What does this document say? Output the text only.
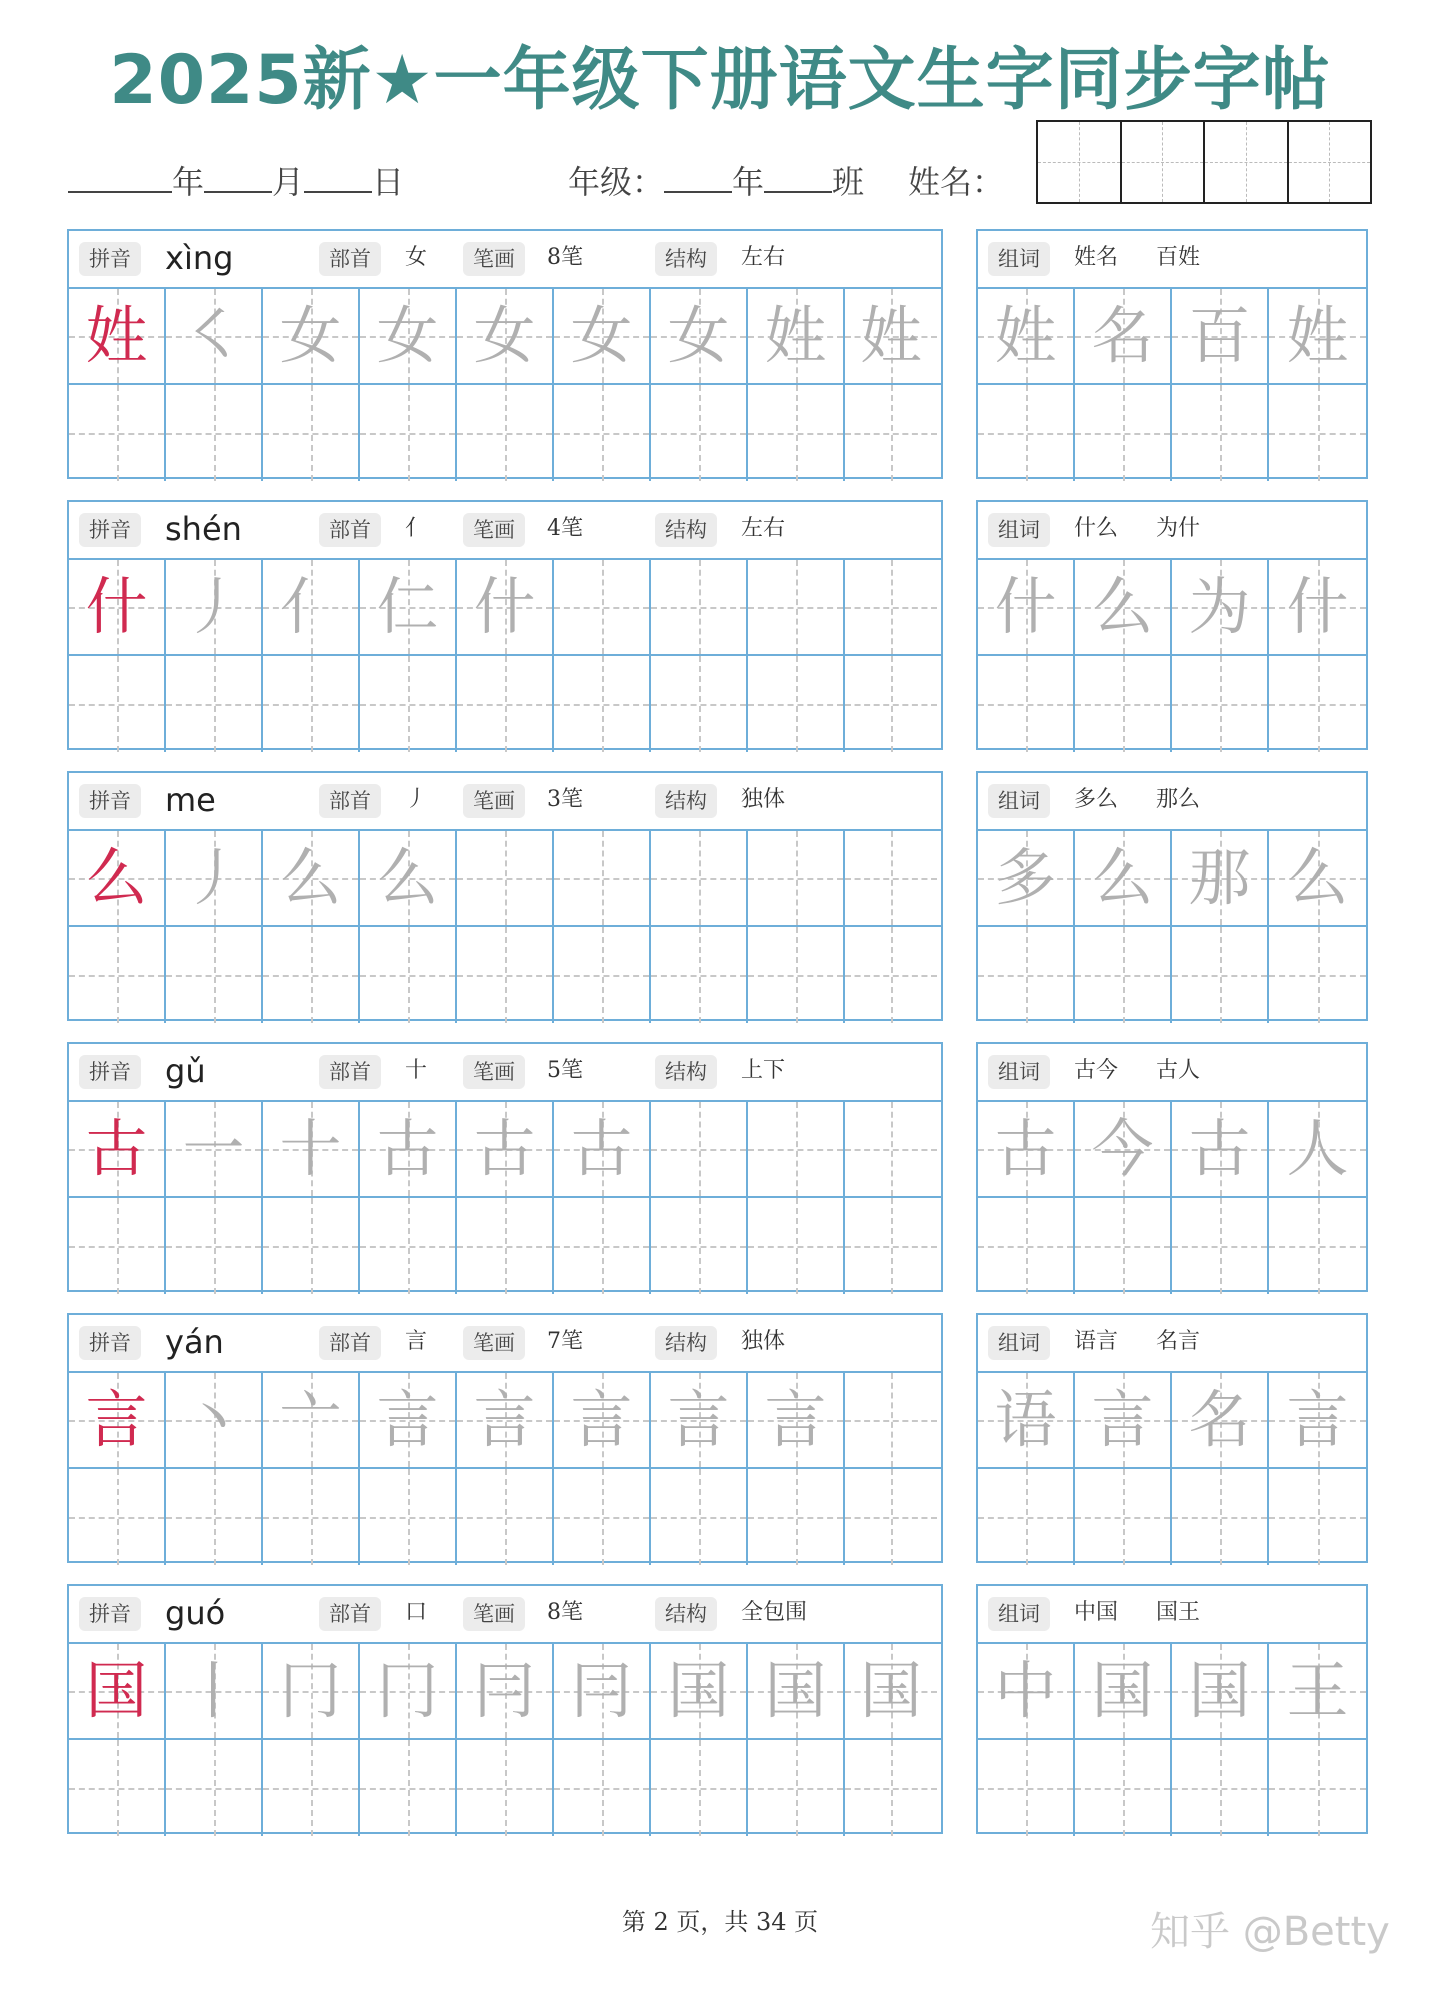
2025新★一年级下册语文生字同步字帖
年 月 日	年级： 年 班 姓名：
拼音	xìng	部首	女	笔画	8笔	结构	左右
姓 ㇛ 女 女 女 女 女 姓 姓
组词	姓名 百姓
姓 名 百 姓
拼音	shén	部首	亻	笔画	4笔	结构	左右
什 丿 亻 仁 什
组词	什么 为什
什 么 为 什
拼音	me	部首	丿	笔画	3笔	结构	独体
么 丿 么 么
组词	多么 那么
多 么 那 么
拼音	gǔ	部首	十	笔画	5笔	结构	上下
古 一 十 古 古 古
组词	古今 古人
古 今 古 人
拼音	yán	部首	言	笔画	7笔	结构	独体
言 丶 亠 言 言 言 言 言
组词	语言 名言
语 言 名 言
拼音	guó	部首	口	笔画	8笔	结构	全包围
国 丨 冂 冂 冃 冃 国 国 国
组词	中国 国王
中 国 国 王
第 2 页，共 34 页	知乎 @Betty
